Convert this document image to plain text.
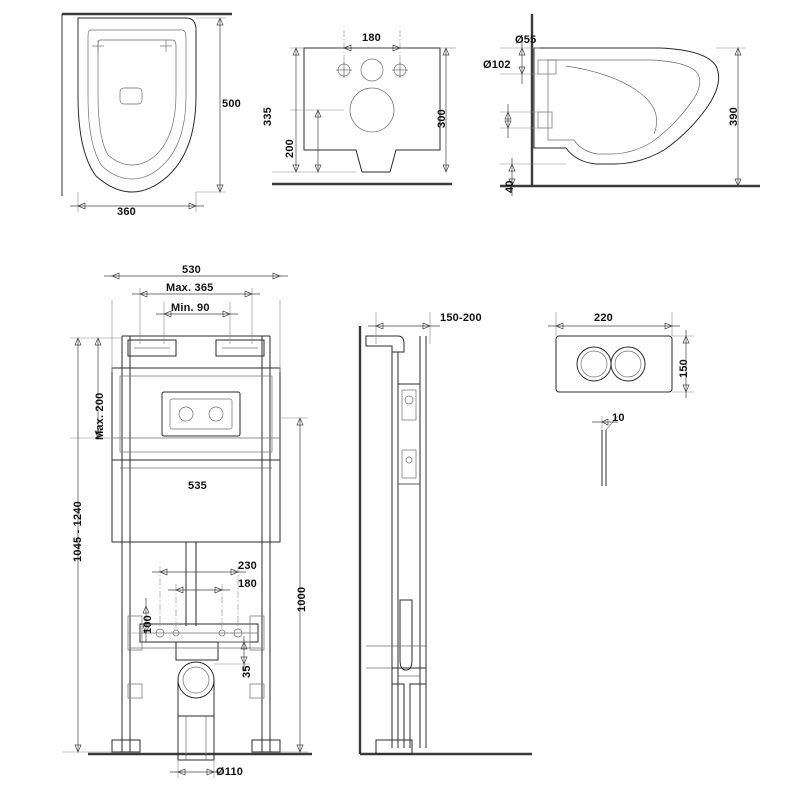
500
360
180
335
200
300
Ø55
Ø102
390
40
530
Max. 365
Min. 90
Max. 200
1045 - 1240
535
1000
230
180
100
35
Ø110
150-200	220
150
10
